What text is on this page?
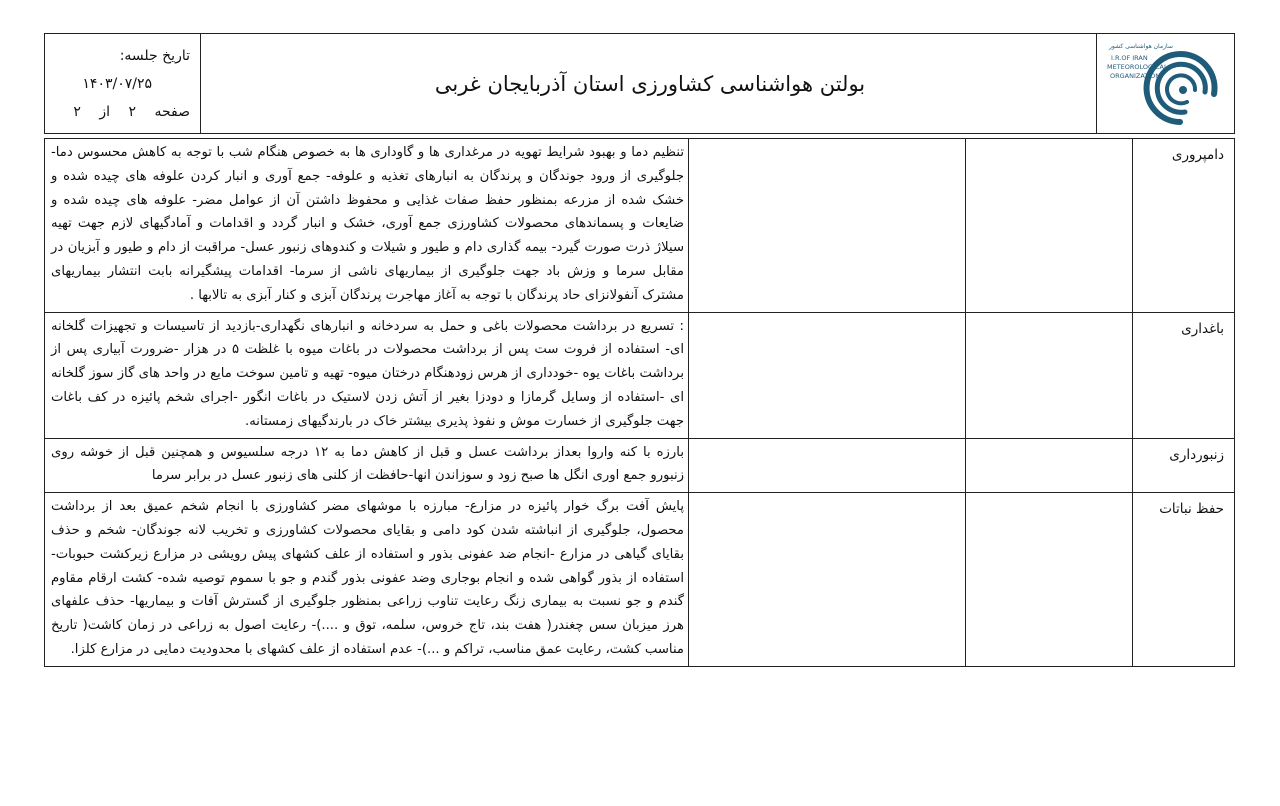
تاریخ جلسه:
۱۴۰۳/۰۷/۲۵
صفحه ۲ از ۲
بولتن هواشناسی کشاورزی استان آذربایجان غربی
سازمان هواشناسی کشور
I.R.OF IRAN
METEOROLOGICAL
ORGANIZATION
دامپروری			تنظیم دما و بهبود شرایط تهویه در مرغداری ها و گاوداری ها به خصوص هنگام شب با توجه به کاهش محسوس دما- جلوگیری از ورود جوندگان و پرندگان به انبارهای تغذیه و علوفه- جمع آوری و انبار کردن علوفه های چیده شده و خشک شده از مزرعه بمنظور حفظ صفات غذایی و محفوظ داشتن آن از عوامل مضر- علوفه های چیده شده و ضایعات و پسماندهای محصولات کشاورزی جمع آوری، خشک و انبار گردد و اقدامات و آمادگیهای لازم جهت تهیه سیلاژ ذرت صورت گیرد- بیمه گذاری دام و طیور و شیلات و کندوهای زنبور عسل- مراقبت از دام و طیور و آبزیان در مقابل سرما و وزش باد جهت جلوگیری از بیماریهای ناشی از سرما- اقدامات پیشگیرانه بابت انتشار بیماریهای مشترک آنفولانزای حاد پرندگان با توجه به آغاز مهاجرت پرندگان آبزی و کنار آبزی به تالابها .
باغداری			: تسریع در برداشت محصولات باغی و حمل به سردخانه و انبارهای نگهداری-بازدید از تاسیسات و تجهیزات گلخانه ای- استفاده از فروت ست پس از برداشت محصولات در باغات میوه با غلظت ۵ در هزار -ضرورت آبیاری پس از برداشت باغات یوه -خودداری از هرس زودهنگام درختان میوه- تهیه و تامین سوخت مایع در واحد های گاز سوز گلخانه ای -استفاده از وسایل گرمازا و دودزا بغیر از آتش زدن لاستیک در باغات انگور -اجرای شخم پائیزه در کف باغات جهت جلوگیری از خسارت موش و نفوذ پذیری بیشتر خاک در بارندگیهای زمستانه.
زنبورداری			بارزه با کنه واروا بعداز برداشت عسل و قبل از کاهش دما به ۱۲ درجه سلسیوس و همچنین قبل از خوشه روی زنبورو جمع اوری انگل ها صبح زود و سوزاندن انها-حافظت از کلنی های زنبور عسل در برابر سرما
حفظ نباتات			پایش آفت برگ خوار پائیزه در مزارع- مبارزه با موشهای مضر کشاورزی با انجام شخم عمیق بعد از برداشت محصول، جلوگیری از انباشته شدن کود دامی و بقایای محصولات کشاورزی و تخریب لانه جوندگان- شخم و حذف بقایای گیاهی در مزارع -انجام ضد عفونی بذور و استفاده از علف کشهای پیش رویشی در مزارع زیرکشت حبوبات- استفاده از بذور گواهی شده و انجام بوجاری وضد عفونی بذور گندم و جو با سموم توصیه شده- کشت ارقام مقاوم گندم و جو نسبت به بیماری زنگ رعایت تناوب زراعی بمنظور جلوگیری از گسترش آفات و بیماریها- حذف علفهای هرز میزبان سس چغندر( هفت بند، تاج خروس، سلمه، توق و ....)- رعایت اصول به زراعی در زمان کاشت( تاریخ مناسب کشت، رعایت عمق مناسب، تراکم و ...)- عدم استفاده از علف کشهای با محدودیت دمایی در مزارع کلزا.
